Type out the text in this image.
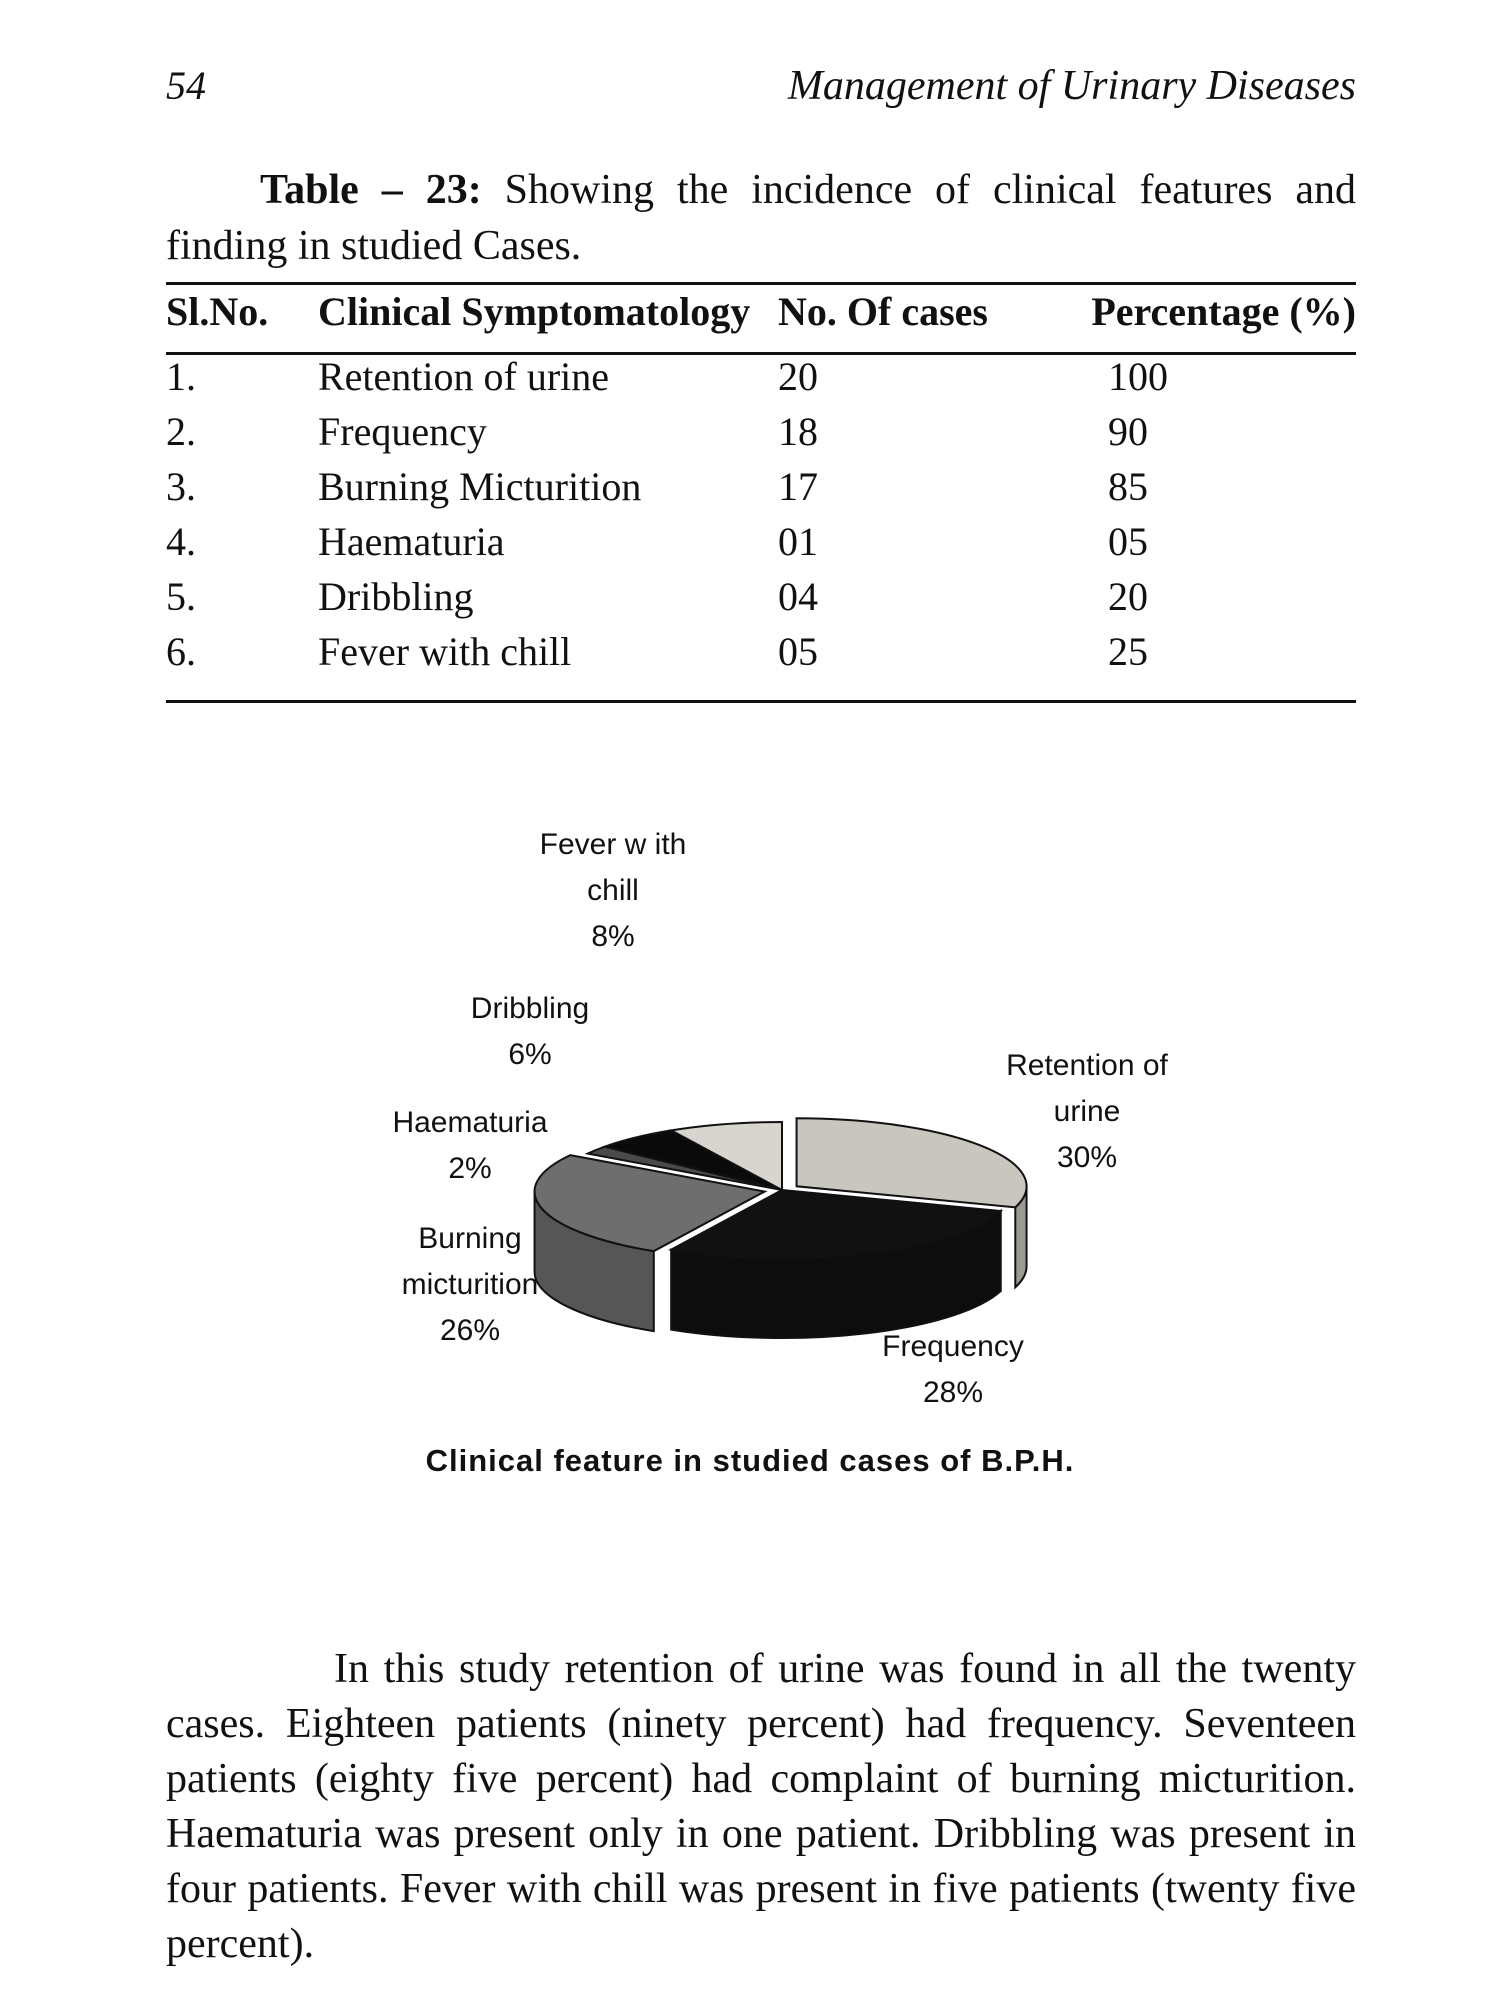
54	Management of Urinary Diseases
Table – 23: Showing the incidence of clinical features and finding in studied Cases.
Sl.No.	Clinical Symptomatology	No. Of cases	Percentage (%)
1.	Retention of urine	20	100
2.	Frequency	18	90
3.	Burning Micturition	17	85
4.	Haematuria	01	05
5.	Dribbling	04	20
6.	Fever with chill	05	25
Fever w ith
chill
8%
Dribbling
6%	Retention of
urine
30%
Haematuria
2%
Burning
micturition
26%	Frequency
28%
Clinical feature in studied cases of B.P.H.
In this study retention of urine was found in all the twenty cases. Eighteen patients (ninety percent) had frequency. Seventeen patients (eighty five percent) had complaint of burning micturition. Haematuria was present only in one patient. Dribbling was present in four patients. Fever with chill was present in five patients (twenty five percent).
